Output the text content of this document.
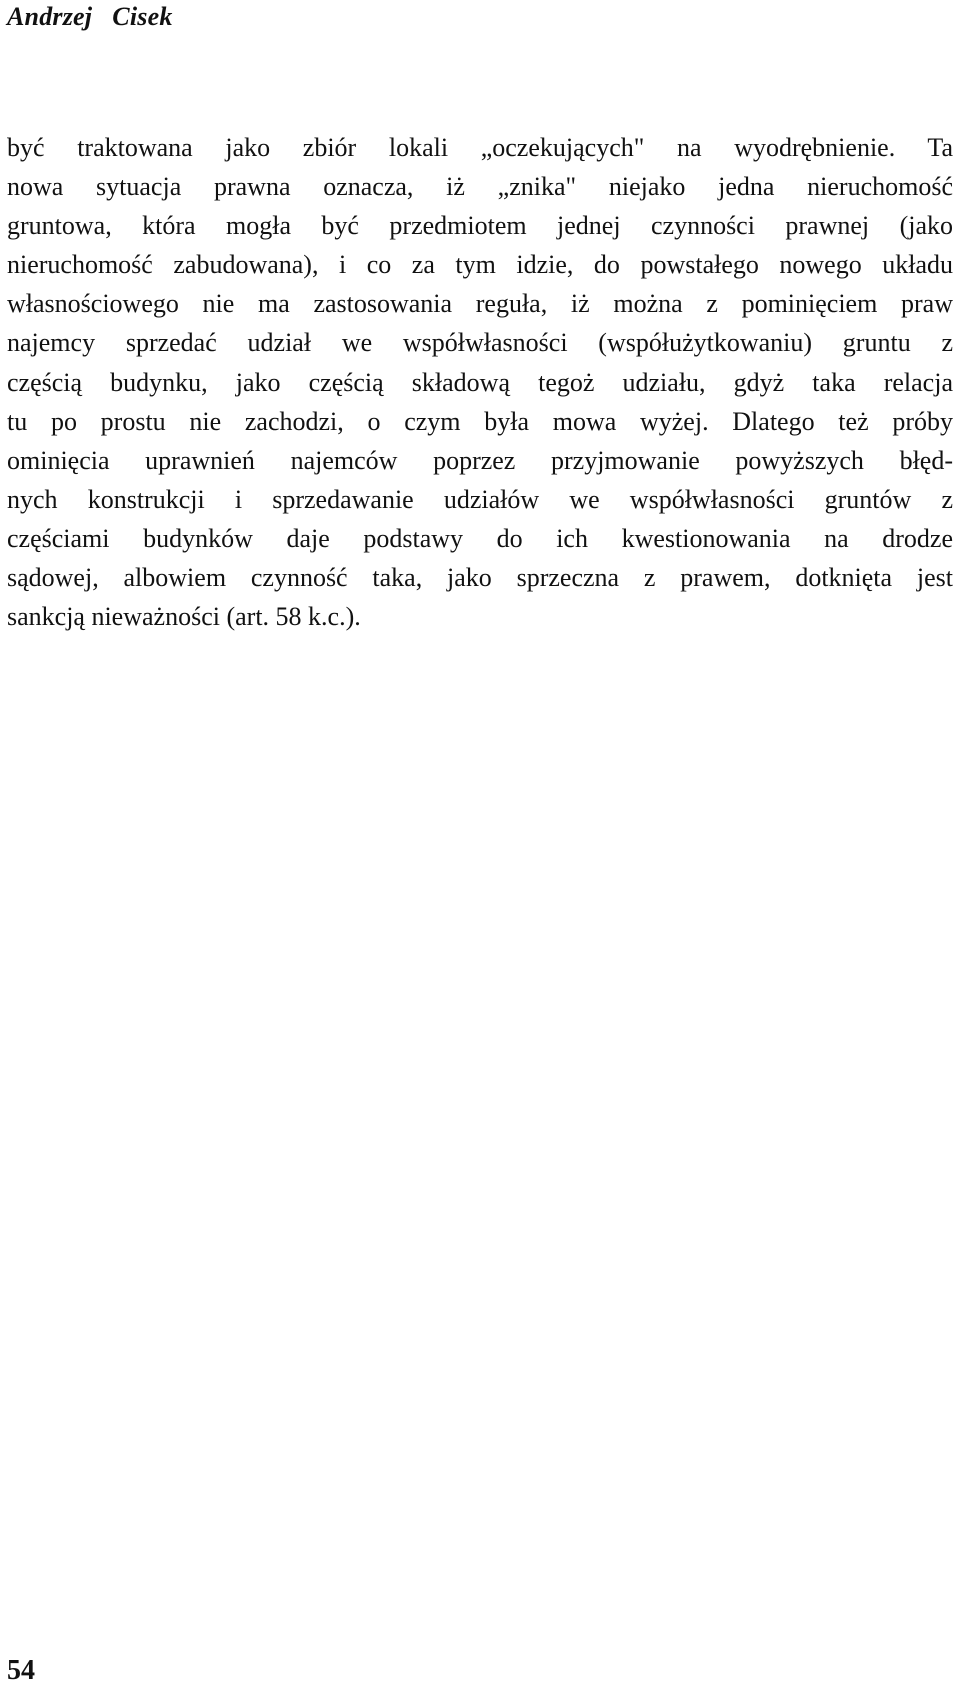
Andrzej   Cisek
być traktowana jako zbiór lokali „oczekujących" na wyodrębnienie. Ta
nowa sytuacja prawna oznacza, iż „znika" niejako jedna nieruchomość
gruntowa, która mogła być przedmiotem jednej czynności prawnej (jako
nieruchomość zabudowana), i co za tym idzie, do powstałego nowego układu
własnościowego nie ma zastosowania reguła, iż można z pominięciem praw
najemcy sprzedać udział we współwłasności (współużytkowaniu) gruntu z
częścią budynku, jako częścią składową tegoż udziału, gdyż taka relacja
tu po prostu nie zachodzi, o czym była mowa wyżej. Dlatego też próby
ominięcia uprawnień najemców poprzez przyjmowanie powyższych błęd-
nych konstrukcji i sprzedawanie udziałów we współwłasności gruntów z
częściami budynków daje podstawy do ich kwestionowania na drodze
sądowej, albowiem czynność taka, jako sprzeczna z prawem, dotknięta jest
sankcją nieważności (art. 58 k.c.).
54
